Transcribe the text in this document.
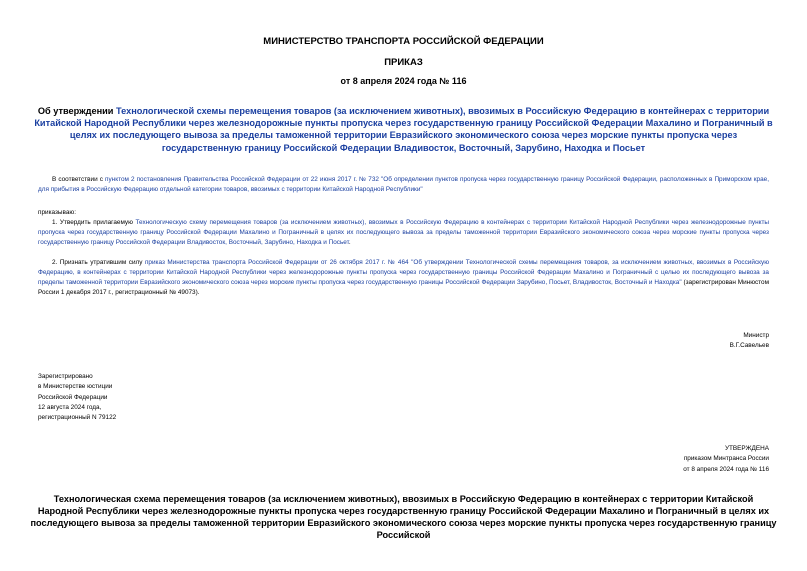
МИНИСТЕРСТВО ТРАНСПОРТА РОССИЙСКОЙ ФЕДЕРАЦИИ
ПРИКАЗ
от 8 апреля 2024 года № 116
Об утверждении Технологической схемы перемещения товаров (за исключением животных), ввозимых в Российскую Федерацию в контейнерах с территории Китайской Народной Республики через железнодорожные пункты пропуска через государственную границу Российской Федерации Махалино и Пограничный в целях их последующего вывоза за пределы таможенной территории Евразийского экономического союза через морские пункты пропуска через государственную границу Российской Федерации Владивосток, Восточный, Зарубино, Находка и Посьет
В соответствии с пунктом 2 постановления Правительства Российской Федерации от 22 июня 2017 г. № 732 "Об определении пунктов пропуска через государственную границу Российской Федерации, расположенных в Приморском крае, для прибытия в Российскую Федерацию отдельной категории товаров, ввозимых с территории Китайской Народной Республики"
приказываю:
1. Утвердить прилагаемую Технологическую схему перемещения товаров (за исключением животных), ввозимых в Российскую Федерацию в контейнерах с территории Китайской Народной Республики через железнодорожные пункты пропуска через государственную границу Российской Федерации Махалино и Пограничный в целях их последующего вывоза за пределы таможенной территории Евразийского экономического союза через морские пункты пропуска через государственную границу Российской Федерации Владивосток, Восточный, Зарубино, Находка и Посьет.
2. Признать утратившим силу приказ Министерства транспорта Российской Федерации от 26 октября 2017 г. № 464 "Об утверждении Технологической схемы перемещения товаров, за исключением животных, ввозимых в Российскую Федерацию, в контейнерах с территории Китайской Народной Республики через железнодорожные пункты пропуска через государственную границы Российской Федерации Махалино и Пограничный с целью их последующего вывоза за пределы таможенной территории Евразийского экономического союза через морские пункты пропуска через государственную границы Российской Федерации Зарубино, Посьет, Владивосток, Восточный и Находка" (зарегистрирован Минюстом России 1 декабря 2017 г., регистрационный № 49073).
Министр
В.Г.Савельев
Зарегистрировано
в Министерстве юстиции
Российской Федерации
12 августа 2024 года,
регистрационный N 79122
УТВЕРЖДЕНА
приказом Минтранса России
от 8 апреля 2024 года № 116
Технологическая схема перемещения товаров (за исключением животных), ввозимых в Российскую Федерацию в контейнерах с территории Китайской Народной Республики через железнодорожные пункты пропуска через государственную границу Российской Федерации Махалино и Пограничный в целях их последующего вывоза за пределы таможенной территории Евразийского экономического союза через морские пункты пропуска через государственную границу Российской
